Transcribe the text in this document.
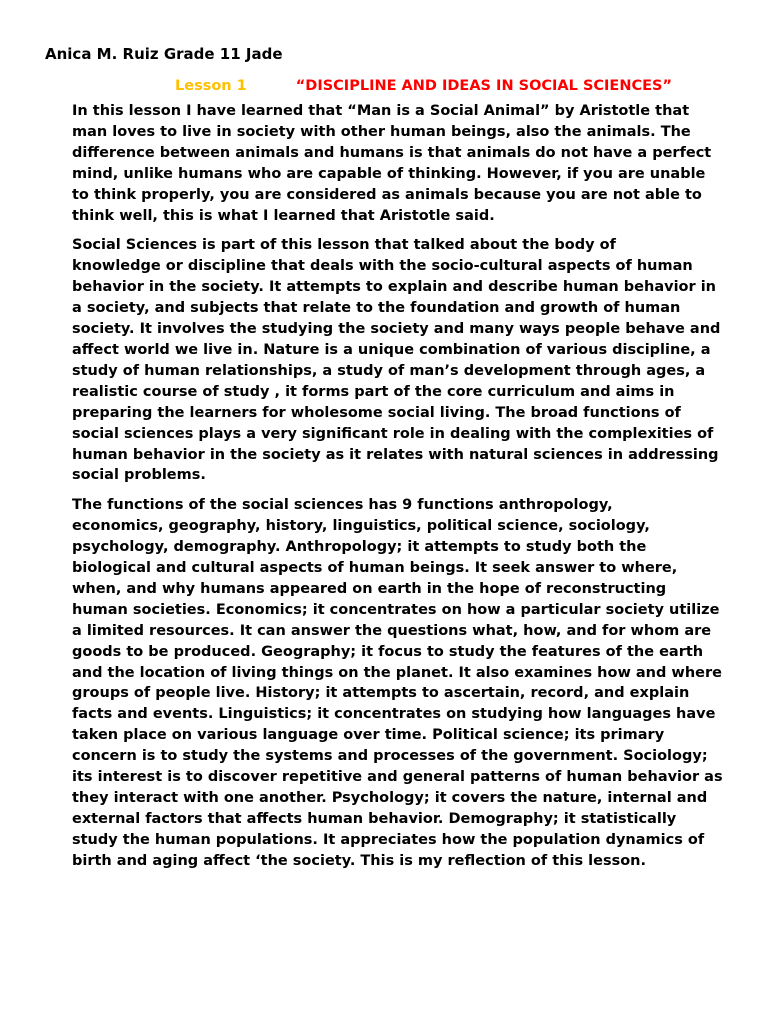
Anica M. Ruiz Grade 11 Jade
Lesson 1	“DISCIPLINE AND IDEAS IN SOCIAL SCIENCES”

In this lesson I have learned that “Man is a Social Animal” by Aristotle that
man loves to live in society with other human beings, also the animals. The
difference between animals and humans is that animals do not have a perfect
mind, unlike humans who are capable of thinking. However, if you are unable
to think properly, you are considered as animals because you are not able to
think well, this is what I learned that Aristotle said.

Social Sciences is part of this lesson that talked about the body of
knowledge or discipline that deals with the socio-cultural aspects of human
behavior in the society. It attempts to explain and describe human behavior in
a society, and subjects that relate to the foundation and growth of human
society. It involves the studying the society and many ways people behave and
affect world we live in. Nature is a unique combination of various discipline, a
study of human relationships, a study of man’s development through ages, a
realistic course of study , it forms part of the core curriculum and aims in
preparing the learners for wholesome social living. The broad functions of
social sciences plays a very significant role in dealing with the complexities of
human behavior in the society as it relates with natural sciences in addressing
social problems.

The functions of the social sciences has 9 functions anthropology,
economics, geography, history, linguistics, political science, sociology,
psychology, demography. Anthropology; it attempts to study both the
biological and cultural aspects of human beings. It seek answer to where,
when, and why humans appeared on earth in the hope of reconstructing
human societies. Economics; it concentrates on how a particular society utilize
a limited resources. It can answer the questions what, how, and for whom are
goods to be produced. Geography; it focus to study the features of the earth
and the location of living things on the planet. It also examines how and where
groups of people live. History; it attempts to ascertain, record, and explain
facts and events. Linguistics; it concentrates on studying how languages have
taken place on various language over time. Political science; its primary
concern is to study the systems and processes of the government. Sociology;
its interest is to discover repetitive and general patterns of human behavior as
they interact with one another. Psychology; it covers the nature, internal and
external factors that affects human behavior. Demography; it statistically
study the human populations. It appreciates how the population dynamics of
birth and aging affect ‘the society. This is my reflection of this lesson.
